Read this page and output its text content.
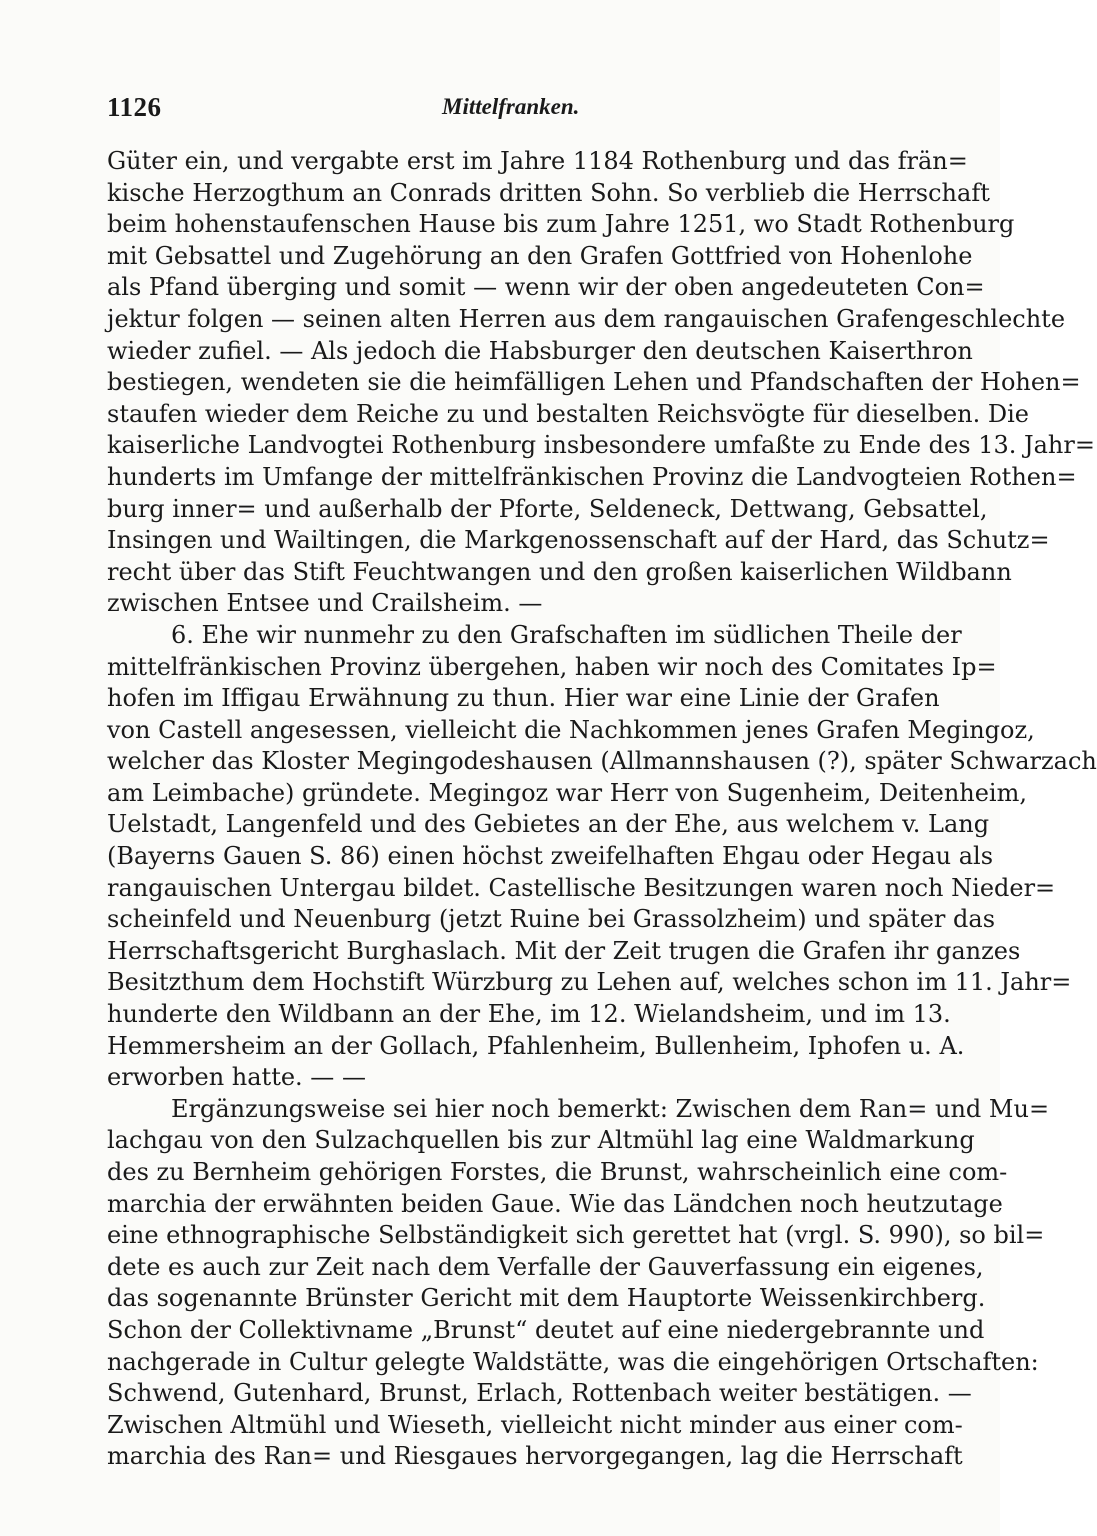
1126	Mittelfranken.
Güter ein, und vergabte erst im Jahre 1184 Rothenburg und das frän=
kische Herzogthum an Conrads dritten Sohn. So verblieb die Herrschaft
beim hohenstaufenschen Hause bis zum Jahre 1251, wo Stadt Rothenburg
mit Gebsattel und Zugehörung an den Grafen Gottfried von Hohenlohe
als Pfand überging und somit — wenn wir der oben angedeuteten Con=
jektur folgen — seinen alten Herren aus dem rangauischen Grafengeschlechte
wieder zufiel. — Als jedoch die Habsburger den deutschen Kaiserthron
bestiegen, wendeten sie die heimfälligen Lehen und Pfandschaften der Hohen=
staufen wieder dem Reiche zu und bestalten Reichsvögte für dieselben. Die
kaiserliche Landvogtei Rothenburg insbesondere umfaßte zu Ende des 13. Jahr=
hunderts im Umfange der mittelfränkischen Provinz die Landvogteien Rothen=
burg inner= und außerhalb der Pforte, Seldeneck, Dettwang, Gebsattel,
Insingen und Wailtingen, die Markgenossenschaft auf der Hard, das Schutz=
recht über das Stift Feuchtwangen und den großen kaiserlichen Wildbann
zwischen Entsee und Crailsheim. —
6. Ehe wir nunmehr zu den Grafschaften im südlichen Theile der
mittelfränkischen Provinz übergehen, haben wir noch des Comitates Ip=
hofen im Iffigau Erwähnung zu thun. Hier war eine Linie der Grafen
von Castell angesessen, vielleicht die Nachkommen jenes Grafen Megingoz,
welcher das Kloster Megingodeshausen (Allmannshausen (?), später Schwarzach
am Leimbache) gründete. Megingoz war Herr von Sugenheim, Deitenheim,
Uelstadt, Langenfeld und des Gebietes an der Ehe, aus welchem v. Lang
(Bayerns Gauen S. 86) einen höchst zweifelhaften Ehgau oder Hegau als
rangauischen Untergau bildet. Castellische Besitzungen waren noch Nieder=
scheinfeld und Neuenburg (jetzt Ruine bei Grassolzheim) und später das
Herrschaftsgericht Burghaslach. Mit der Zeit trugen die Grafen ihr ganzes
Besitzthum dem Hochstift Würzburg zu Lehen auf, welches schon im 11. Jahr=
hunderte den Wildbann an der Ehe, im 12. Wielandsheim, und im 13.
Hemmersheim an der Gollach, Pfahlenheim, Bullenheim, Iphofen u. A.
erworben hatte. — —
Ergänzungsweise sei hier noch bemerkt: Zwischen dem Ran= und Mu=
lachgau von den Sulzachquellen bis zur Altmühl lag eine Waldmarkung
des zu Bernheim gehörigen Forstes, die Brunst, wahrscheinlich eine com-
marchia der erwähnten beiden Gaue. Wie das Ländchen noch heutzutage
eine ethnographische Selbständigkeit sich gerettet hat (vrgl. S. 990), so bil=
dete es auch zur Zeit nach dem Verfalle der Gauverfassung ein eigenes,
das sogenannte Brünster Gericht mit dem Hauptorte Weissenkirchberg.
Schon der Collektivname „Brunst“ deutet auf eine niedergebrannte und
nachgerade in Cultur gelegte Waldstätte, was die eingehörigen Ortschaften:
Schwend, Gutenhard, Brunst, Erlach, Rottenbach weiter bestätigen. —
Zwischen Altmühl und Wieseth, vielleicht nicht minder aus einer com-
marchia des Ran= und Riesgaues hervorgegangen, lag die Herrschaft
